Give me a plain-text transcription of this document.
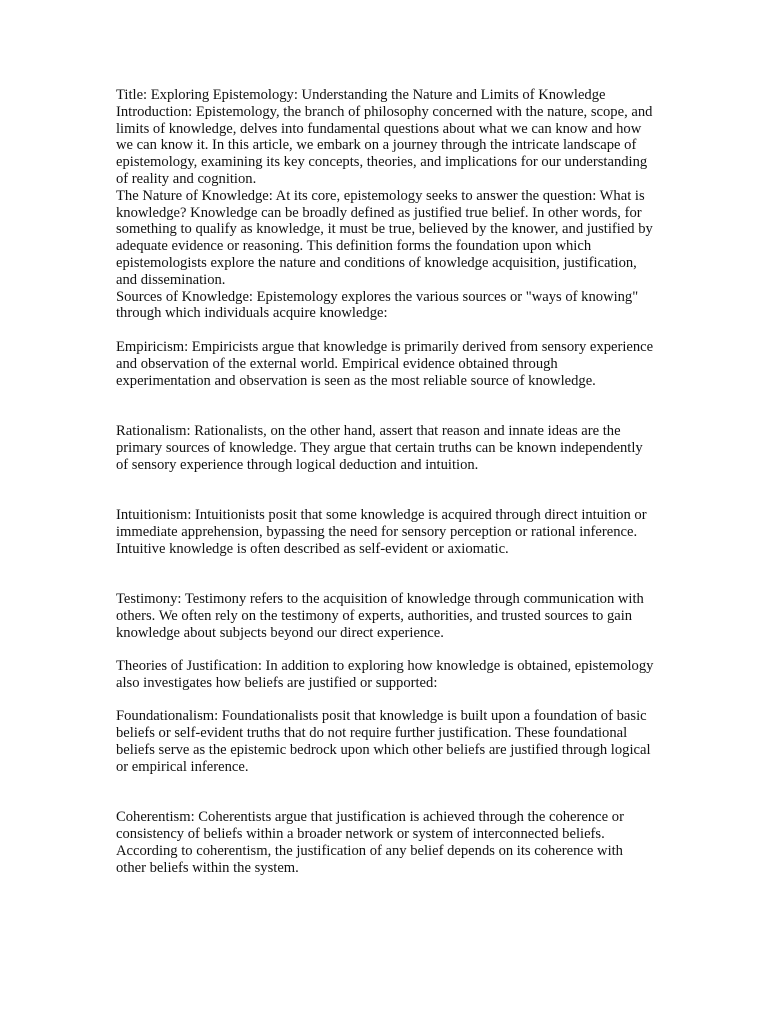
Title: Exploring Epistemology: Understanding the Nature and Limits of Knowledge

Introduction: Epistemology, the branch of philosophy concerned with the nature, scope, and limits of knowledge, delves into fundamental questions about what we can know and how we can know it. In this article, we embark on a journey through the intricate landscape of epistemology, examining its key concepts, theories, and implications for our understanding of reality and cognition.

The Nature of Knowledge: At its core, epistemology seeks to answer the question: What is knowledge? Knowledge can be broadly defined as justified true belief. In other words, for something to qualify as knowledge, it must be true, believed by the knower, and justified by adequate evidence or reasoning. This definition forms the foundation upon which epistemologists explore the nature and conditions of knowledge acquisition, justification, and dissemination.

Sources of Knowledge: Epistemology explores the various sources or "ways of knowing" through which individuals acquire knowledge:

Empiricism: Empiricists argue that knowledge is primarily derived from sensory experience and observation of the external world. Empirical evidence obtained through experimentation and observation is seen as the most reliable source of knowledge.

Rationalism: Rationalists, on the other hand, assert that reason and innate ideas are the primary sources of knowledge. They argue that certain truths can be known independently of sensory experience through logical deduction and intuition.

Intuitionism: Intuitionists posit that some knowledge is acquired through direct intuition or immediate apprehension, bypassing the need for sensory perception or rational inference. Intuitive knowledge is often described as self-evident or axiomatic.

Testimony: Testimony refers to the acquisition of knowledge through communication with others. We often rely on the testimony of experts, authorities, and trusted sources to gain knowledge about subjects beyond our direct experience.

Theories of Justification: In addition to exploring how knowledge is obtained, epistemology also investigates how beliefs are justified or supported:

Foundationalism: Foundationalists posit that knowledge is built upon a foundation of basic beliefs or self-evident truths that do not require further justification. These foundational beliefs serve as the epistemic bedrock upon which other beliefs are justified through logical or empirical inference.

Coherentism: Coherentists argue that justification is achieved through the coherence or consistency of beliefs within a broader network or system of interconnected beliefs. According to coherentism, the justification of any belief depends on its coherence with other beliefs within the system.
